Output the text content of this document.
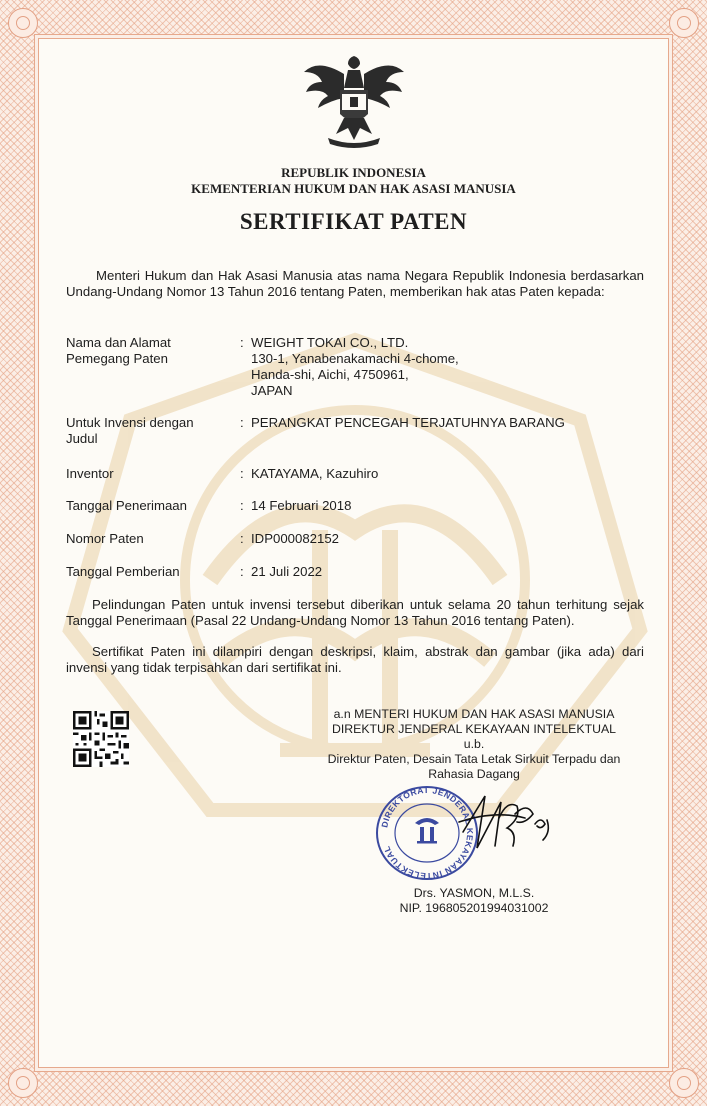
REPUBLIK INDONESIA
KEMENTERIAN HUKUM DAN HAK ASASI MANUSIA
SERTIFIKAT PATEN
Menteri Hukum dan Hak Asasi Manusia atas nama Negara Republik Indonesia berdasarkan Undang-Undang Nomor 13 Tahun 2016 tentang Paten, memberikan hak atas Paten kepada:
Nama dan Alamat
Pemegang Paten
: WEIGHT TOKAI CO., LTD.
130-1, Yanabenakamachi 4-chome,
Handa-shi, Aichi, 4750961,
JAPAN
Untuk Invensi dengan
Judul
: PERANGKAT PENCEGAH TERJATUHNYA BARANG
Inventor	: KATAYAMA, Kazuhiro
Tanggal Penerimaan	: 14 Februari 2018
Nomor Paten	: IDP000082152
Tanggal Pemberian	: 21 Juli 2022
Pelindungan Paten untuk invensi tersebut diberikan untuk selama 20 tahun terhitung sejak Tanggal Penerimaan (Pasal 22 Undang-Undang Nomor 13 Tahun 2016 tentang Paten).
Sertifikat Paten ini dilampiri dengan deskripsi, klaim, abstrak dan gambar (jika ada) dari invensi yang tidak terpisahkan dari sertifikat ini.
a.n MENTERI HUKUM DAN HAK ASASI MANUSIA
DIREKTUR JENDERAL KEKAYAAN INTELEKTUAL
u.b.
Direktur Paten, Desain Tata Letak Sirkuit Terpadu dan
Rahasia Dagang
DIREKTORAT JENDERAL KEKAYAAN INTELEKTUAL
Drs. YASMON, M.L.S.
NIP. 196805201994031002
